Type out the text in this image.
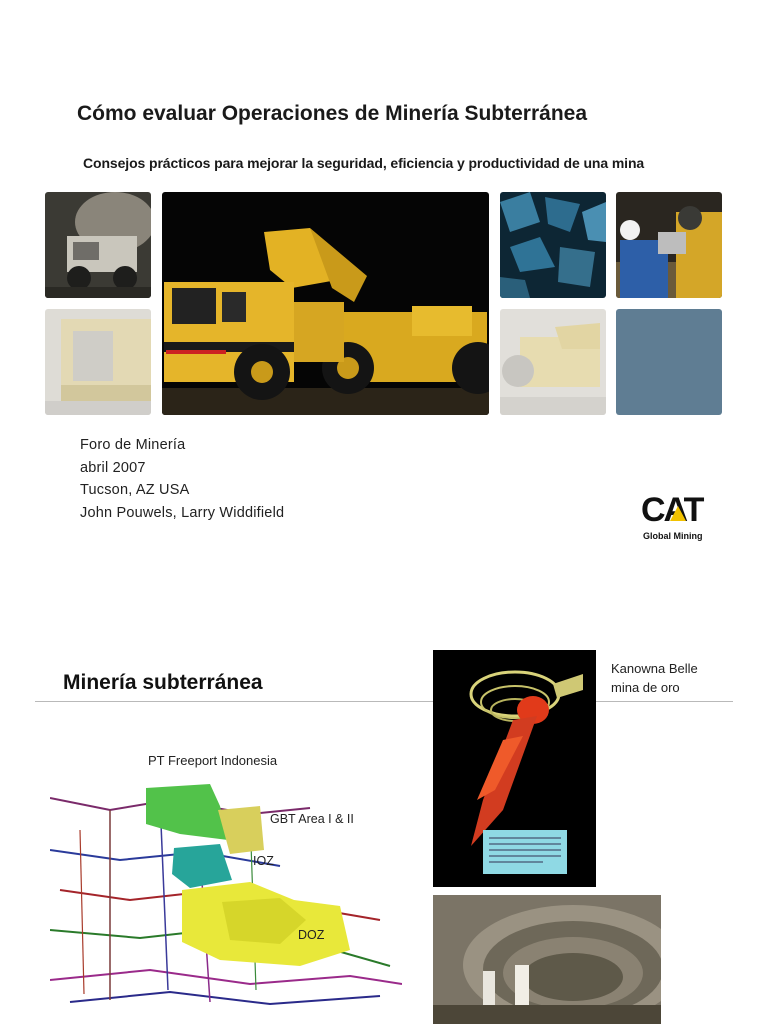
Cómo evaluar Operaciones de Minería Subterránea
Consejos prácticos para mejorar la seguridad, eficiencia y productividad de una mina
Foro de Minería
abril 2007
Tucson, AZ USA
John Pouwels, Larry Widdifield	CAT
Global Mining
Minería subterránea
Kanowna Belle
mina de oro
PT Freeport Indonesia
GBT Area I & II
IOZ
DOZ
